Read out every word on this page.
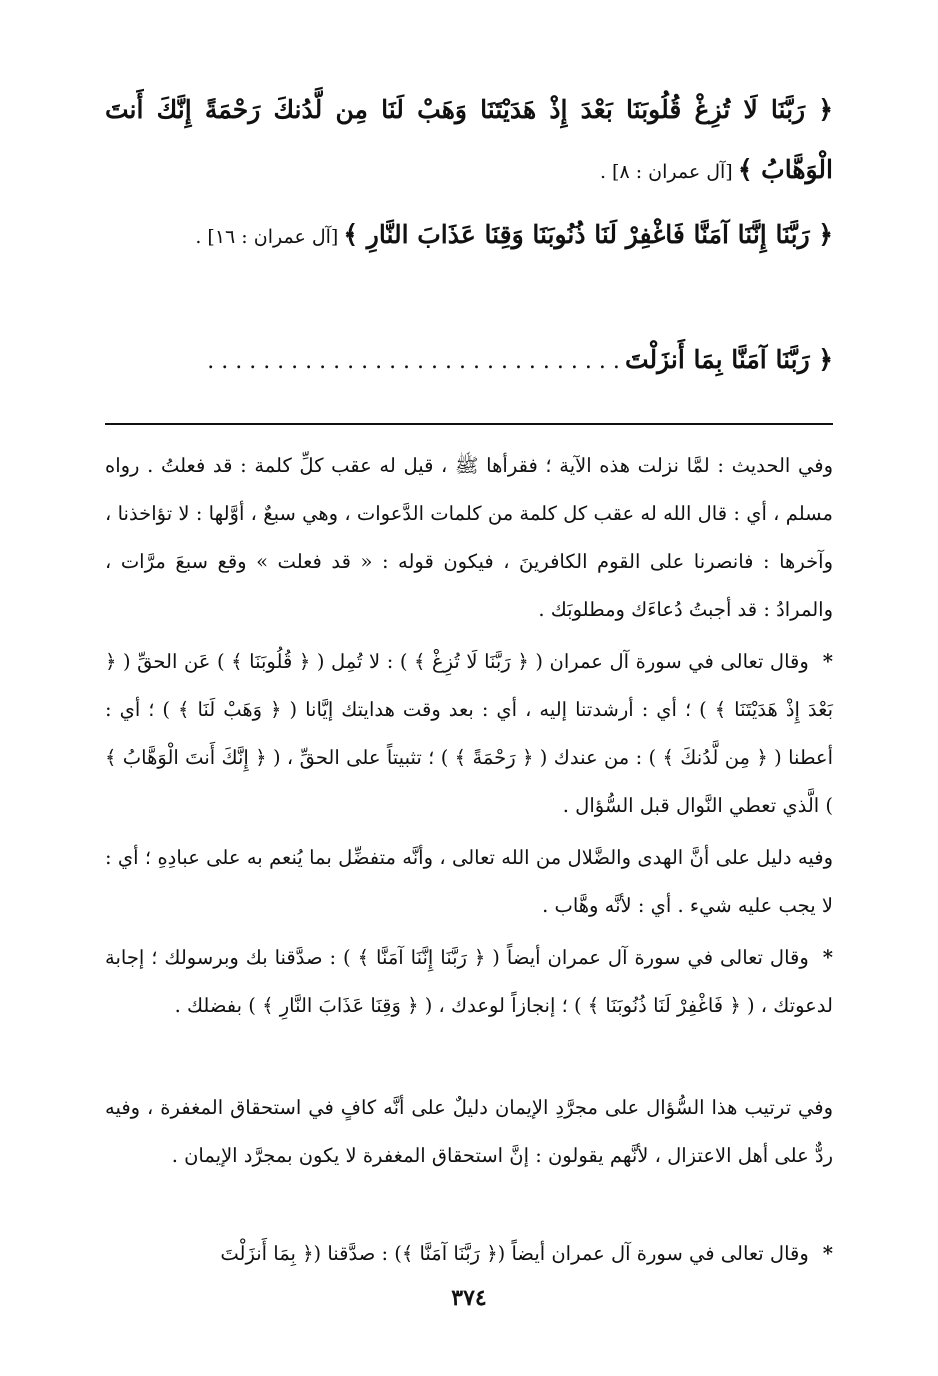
﴿ رَبَّنَا لَا تُزِغْ قُلُوبَنَا بَعْدَ إِذْ هَدَيْتَنَا وَهَبْ لَنَا مِن لَّدُنكَ رَحْمَةً إِنَّكَ أَنتَ الْوَهَّابُ ﴾ [آل عمران : ٨] .
﴿ رَبَّنَا إِنَّنَا آمَنَّا فَاغْفِرْ لَنَا ذُنُوبَنَا وَقِنَا عَذَابَ النَّارِ ﴾ [آل عمران : ١٦] .
﴿ رَبَّنَا آمَنَّا بِمَا أَنزَلْتَ . . . . . . . . . . . . . . . . . . . . . . . . . . . . . .
وفي الحديث : لمَّا نزلت هذه الآية ؛ فقرأها ﷺ ، قيل له عقب كلِّ كلمة : قد فعلتُ . رواه مسلم ، أي : قال الله له عقب كل كلمة من كلمات الدَّعوات ، وهي سبعٌ ، أوَّلها : لا تؤاخذنا ، وآخرها : فانصرنا على القوم الكافرينَ ، فيكون قوله : « قد فعلت » وقع سبعَ مرَّات ، والمرادُ : قد أجبتُ دُعاءَك ومطلوبَك .
*وقال تعالى في سورة آل عمران ( ﴿ رَبَّنَا لَا تُزِغْ ﴾ ) : لا تُمِل ( ﴿ قُلُوبَنَا ﴾ ) عَن الحقِّ ( ﴿ بَعْدَ إِذْ هَدَيْتَنَا ﴾ ) ؛ أي : أرشدتنا إليه ، أي : بعد وقت هدايتك إيَّانا ( ﴿ وَهَبْ لَنَا ﴾ ) ؛ أي : أعطنا ( ﴿ مِن لَّدُنكَ ﴾ ) : من عندك ( ﴿ رَحْمَةً ﴾ ) ؛ تثبيتاً على الحقِّ ، ( ﴿ إِنَّكَ أَنتَ الْوَهَّابُ ﴾ ) الَّذي تعطي النَّوال قبل السُّؤال .
وفيه دليل على أنَّ الهدى والضَّلال من الله تعالى ، وأنَّه متفضِّل بما يُنعم به على عبادِهِ ؛ أي : لا يجب عليه شيء . أي : لأنَّه وهَّاب .
*وقال تعالى في سورة آل عمران أيضاً ( ﴿ رَبَّنَا إِنَّنَا آمَنَّا ﴾ ) : صدَّقنا بك وبرسولك ؛ إجابة لدعوتك ، ( ﴿ فَاغْفِرْ لَنَا ذُنُوبَنَا ﴾ ) ؛ إنجازاً لوعدك ، ( ﴿ وَقِنَا عَذَابَ النَّارِ ﴾ ) بفضلك .
وفي ترتيب هذا السُّؤال على مجرَّدِ الإيمان دليلٌ على أنَّه كافٍ في استحقاق المغفرة ، وفيه ردٌّ على أهل الاعتزال ، لأنَّهم يقولون : إنَّ استحقاق المغفرة لا يكون بمجرَّد الإيمان .
*وقال تعالى في سورة آل عمران أيضاً (﴿ رَبَّنَا آمَنَّا ﴾) : صدَّقنا (﴿ بِمَا أَنزَلْتَ
٣٧٤
